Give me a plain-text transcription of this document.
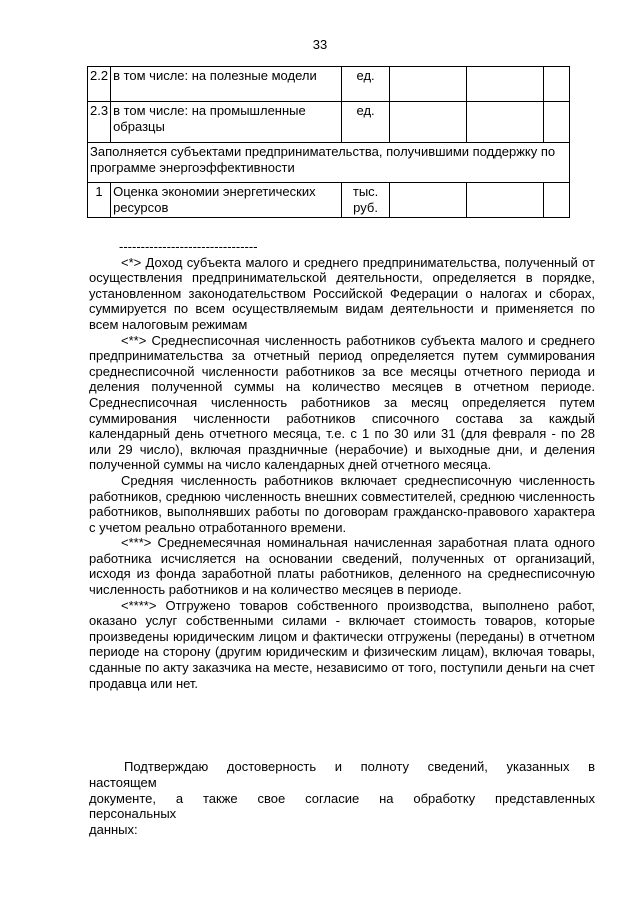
33
2.2	в том числе: на полезные модели	ед.			
2.3	в том числе: на промышленные образцы	ед.			
Заполняется субъектами предпринимательства, получившими поддержку по программе энергоэффективности					
1	Оценка экономии энергетических ресурсов	тыс. руб.			
--------------------------------

<*> Доход субъекта малого и среднего предпринимательства, полученный от осуществления предпринимательской деятельности, определяется в порядке, установленном законодательством Российской Федерации о налогах и сборах, суммируется по всем осуществляемым видам деятельности и применяется по всем налоговым режимам

<**> Среднесписочная численность работников субъекта малого и среднего предпринимательства за отчетный период определяется путем суммирования среднесписочной численности работников за все месяцы отчетного периода и деления полученной суммы на количество месяцев в отчетном периоде. Среднесписочная численность работников за месяц определяется путем суммирования численности работников списочного состава за каждый календарный день отчетного месяца, т.е. с 1 по 30 или 31 (для февраля - по 28 или 29 число), включая праздничные (нерабочие) и выходные дни, и деления полученной суммы на число календарных дней отчетного месяца.

Средняя численность работников включает среднесписочную численность работников, среднюю численность внешних совместителей, среднюю численность работников, выполнявших работы по договорам гражданско-правового характера с учетом реально отработанного времени.

<***> Среднемесячная номинальная начисленная заработная плата одного работника исчисляется на основании сведений, полученных от организаций, исходя из фонда заработной платы работников, деленного на среднесписочную численность работников и на количество месяцев в периоде.

<****> Отгружено товаров собственного производства, выполнено работ, оказано услуг собственными силами - включает стоимость товаров, которые произведены юридическим лицом и фактически отгружены (переданы) в отчетном периоде на сторону (другим юридическим и физическим лицам), включая товары, сданные по акту заказчика на месте, независимо от того, поступили деньги на счет продавца или нет.

Подтверждаю достоверность и полноту сведений, указанных в
настоящем
документе, а также свое согласие на обработку представленных
персональных
данных:
